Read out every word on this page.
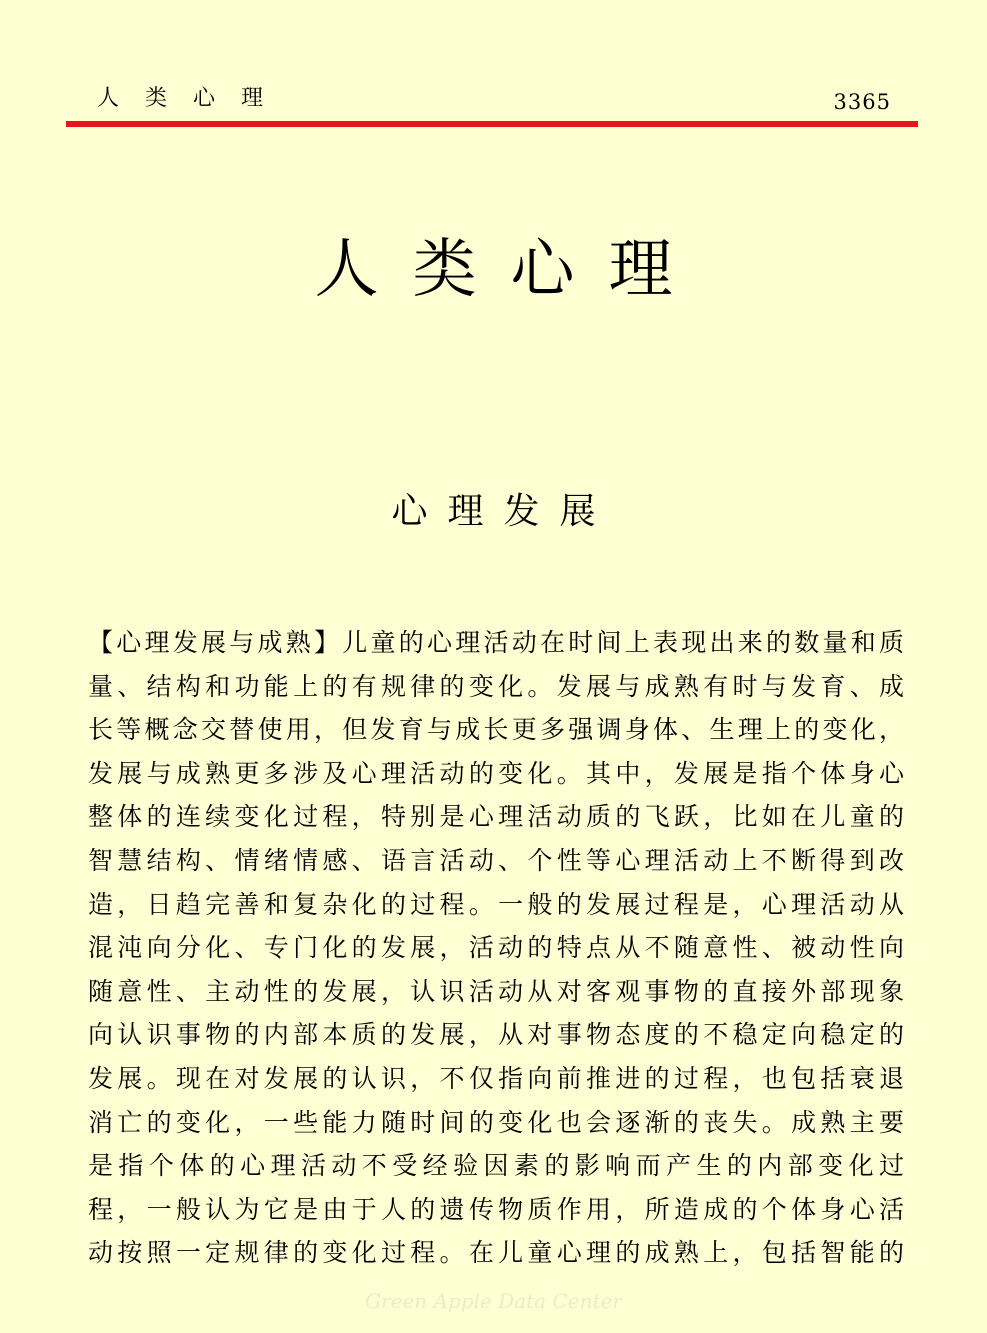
人类心理	3365
人类心理
心理发展
【心理发展与成熟】儿童的心理活动在时间上表现出来的数量和质
量、结构和功能上的有规律的变化。发展与成熟有时与发育、成
长等概念交替使用，但发育与成长更多强调身体、生理上的变化，
发展与成熟更多涉及心理活动的变化。其中，发展是指个体身心
整体的连续变化过程，特别是心理活动质的飞跃，比如在儿童的
智慧结构、情绪情感、语言活动、个性等心理活动上不断得到改
造，日趋完善和复杂化的过程。一般的发展过程是，心理活动从
混沌向分化、专门化的发展，活动的特点从不随意性、被动性向
随意性、主动性的发展，认识活动从对客观事物的直接外部现象
向认识事物的内部本质的发展，从对事物态度的不稳定向稳定的
发展。现在对发展的认识，不仅指向前推进的过程，也包括衰退
消亡的变化，一些能力随时间的变化也会逐渐的丧失。成熟主要
是指个体的心理活动不受经验因素的影响而产生的内部变化过
程，一般认为它是由于人的遗传物质作用，所造成的个体身心活
动按照一定规律的变化过程。在儿童心理的成熟上，包括智能的
Green Apple Data Center
